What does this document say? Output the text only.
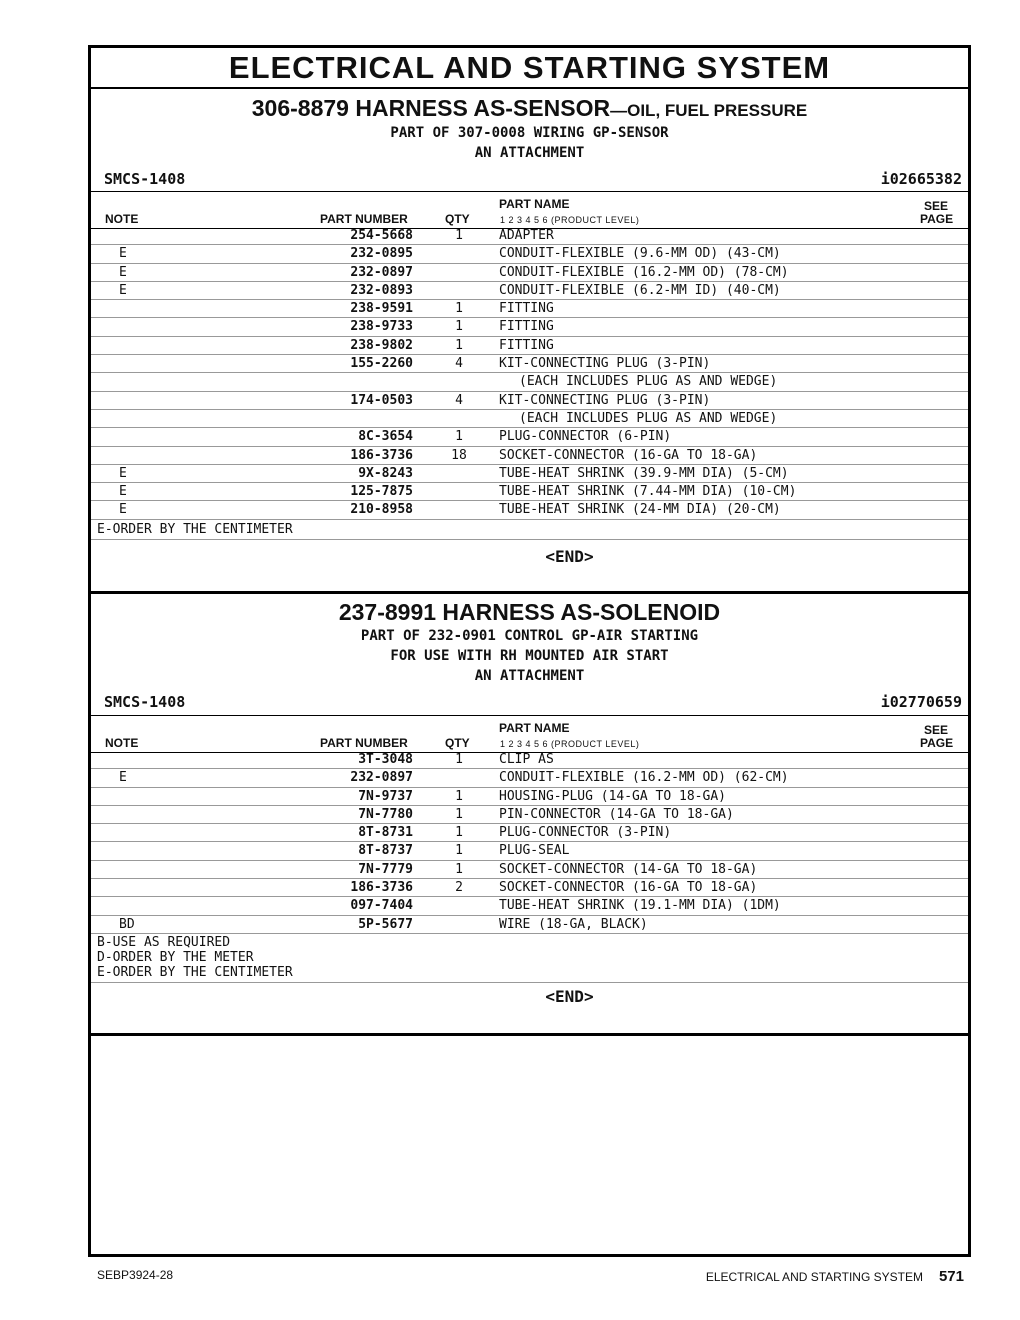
ELECTRICAL AND STARTING SYSTEM
306-8879 HARNESS AS-SENSOR—OIL, FUEL PRESSURE
PART OF 307-0008 WIRING GP-SENSOR
AN ATTACHMENT
SMCS-1408	i02665382
NOTE	PART NUMBER	QTY
PART NAME
1 2 3 4 5 6 (PRODUCT LEVEL)
SEE
PAGE
254-5668	1	ADAPTER
E	232-0895	CONDUIT-FLEXIBLE (9.6-MM OD) (43-CM)
E	232-0897	CONDUIT-FLEXIBLE (16.2-MM OD) (78-CM)
E	232-0893	CONDUIT-FLEXIBLE (6.2-MM ID) (40-CM)
238-9591	1	FITTING
238-9733	1	FITTING
238-9802	1	FITTING
155-2260	4	KIT-CONNECTING PLUG (3-PIN)
(EACH INCLUDES PLUG AS AND WEDGE)
174-0503	4	KIT-CONNECTING PLUG (3-PIN)
(EACH INCLUDES PLUG AS AND WEDGE)
8C-3654	1	PLUG-CONNECTOR (6-PIN)
186-3736	18 SOCKET-CONNECTOR (16-GA TO 18-GA)
E	9X-8243	TUBE-HEAT SHRINK (39.9-MM DIA) (5-CM)
E	125-7875	TUBE-HEAT SHRINK (7.44-MM DIA) (10-CM)
E	210-8958	TUBE-HEAT SHRINK (24-MM DIA) (20-CM)
E-ORDER BY THE CENTIMETER
<END>
237-8991 HARNESS AS-SOLENOID
PART OF 232-0901 CONTROL GP-AIR STARTING
FOR USE WITH RH MOUNTED AIR START
AN ATTACHMENT
SMCS-1408	i02770659
NOTE	PART NUMBER	QTY
PART NAME
1 2 3 4 5 6 (PRODUCT LEVEL)
SEE
PAGE
3T-3048	1	CLIP AS
E	232-0897	CONDUIT-FLEXIBLE (16.2-MM OD) (62-CM)
7N-9737	1	HOUSING-PLUG (14-GA TO 18-GA)
7N-7780	1	PIN-CONNECTOR (14-GA TO 18-GA)
8T-8731	1	PLUG-CONNECTOR (3-PIN)
8T-8737	1	PLUG-SEAL
7N-7779	1	SOCKET-CONNECTOR (14-GA TO 18-GA)
186-3736	2	SOCKET-CONNECTOR (16-GA TO 18-GA)
097-7404	TUBE-HEAT SHRINK (19.1-MM DIA) (1DM)
BD	5P-5677	WIRE (18-GA, BLACK)
B-USE AS REQUIRED
D-ORDER BY THE METER
E-ORDER BY THE CENTIMETER
<END>
SEBP3924-28	ELECTRICAL AND STARTING SYSTEM 571
